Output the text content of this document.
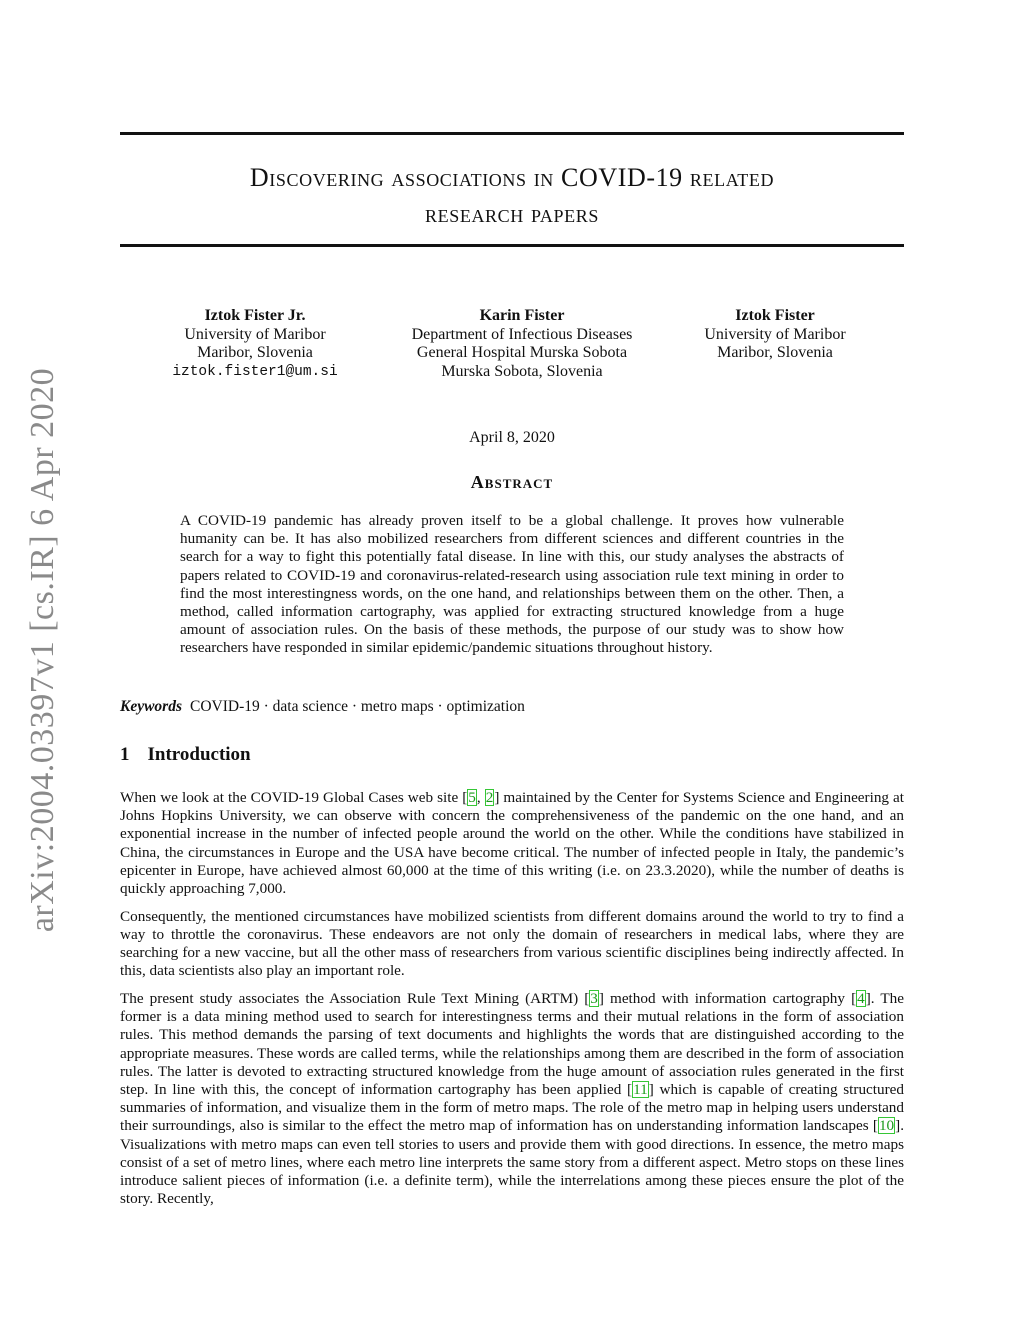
arXiv:2004.03397v1 [cs.IR] 6 Apr 2020
Discovering associations in COVID-19 related
research papers
Iztok Fister Jr.
University of Maribor
Maribor, Slovenia
iztok.fister1@um.si
Karin Fister
Department of Infectious Diseases
General Hospital Murska Sobota
Murska Sobota, Slovenia
Iztok Fister
University of Maribor
Maribor, Slovenia
April 8, 2020
Abstract
A COVID-19 pandemic has already proven itself to be a global challenge. It proves how vulnerable humanity can be. It has also mobilized researchers from different sciences and different countries in the search for a way to fight this potentially fatal disease. In line with this, our study analyses the abstracts of papers related to COVID-19 and coronavirus-related-research using association rule text mining in order to find the most interestingness words, on the one hand, and relationships between them on the other. Then, a method, called information cartography, was applied for extracting structured knowledge from a huge amount of association rules. On the basis of these methods, the purpose of our study was to show how researchers have responded in similar epidemic/pandemic situations throughout history.
Keywords COVID-19 · data science · metro maps · optimization
1 Introduction

When we look at the COVID-19 Global Cases web site [5, 2] maintained by the Center for Systems Science and Engineering at Johns Hopkins University, we can observe with concern the comprehensiveness of the pandemic on the one hand, and an exponential increase in the number of infected people around the world on the other. While the conditions have stabilized in China, the circumstances in Europe and the USA have become critical. The number of infected people in Italy, the pandemic’s epicenter in Europe, have achieved almost 60,000 at the time of this writing (i.e. on 23.3.2020), while the number of deaths is quickly approaching 7,000.

Consequently, the mentioned circumstances have mobilized scientists from different domains around the world to try to find a way to throttle the coronavirus. These endeavors are not only the domain of researchers in medical labs, where they are searching for a new vaccine, but all the other mass of researchers from various scientific disciplines being indirectly affected. In this, data scientists also play an important role.

The present study associates the Association Rule Text Mining (ARTM) [3] method with information cartography [4]. The former is a data mining method used to search for interestingness terms and their mutual relations in the form of association rules. This method demands the parsing of text documents and highlights the words that are distinguished according to the appropriate measures. These words are called terms, while the relationships among them are described in the form of association rules. The latter is devoted to extracting structured knowledge from the huge amount of association rules generated in the first step. In line with this, the concept of information cartography has been applied [11] which is capable of creating structured summaries of information, and visualize them in the form of metro maps. The role of the metro map in helping users understand their surroundings, also is similar to the effect the metro map of information has on understanding information landscapes [10]. Visualizations with metro maps can even tell stories to users and provide them with good directions. In essence, the metro maps consist of a set of metro lines, where each metro line interprets the same story from a different aspect. Metro stops on these lines introduce salient pieces of information (i.e. a definite term), while the interrelations among these pieces ensure the plot of the story. Recently,
